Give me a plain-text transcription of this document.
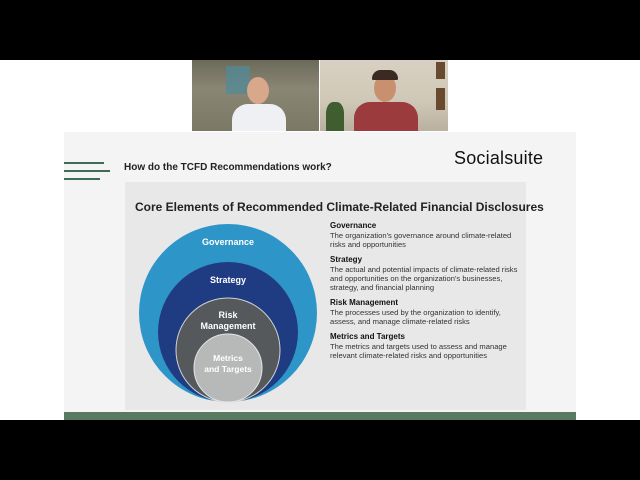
How do the TCFD Recommendations work?	Socialsuite
Core Elements of Recommended Climate-Related Financial Disclosures
Governance
Strategy
Risk Management
Metrics and Targets
Governance
The organization's governance around climate-related risks and opportunities
Strategy
The actual and potential impacts of climate-related risks and opportunities on the organization's businesses, strategy, and financial planning
Risk Management
The processes used by the organization to identify, assess, and manage climate-related risks
Metrics and Targets
The metrics and targets used to assess and manage relevant climate-related risks and opportunities
